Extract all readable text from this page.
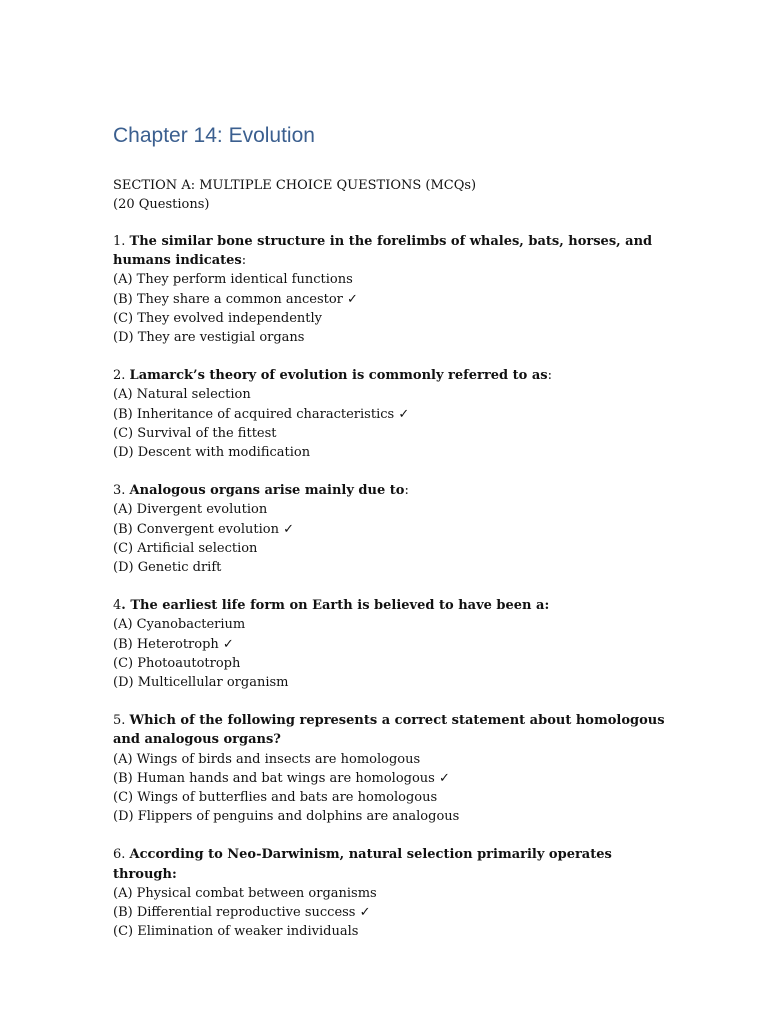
Chapter 14: Evolution
SECTION A: MULTIPLE CHOICE QUESTIONS (MCQs)
(20 Questions)
1. The similar bone structure in the forelimbs of whales, bats, horses, and humans indicates:
(A) They perform identical functions
(B) They share a common ancestor ✓
(C) They evolved independently
(D) They are vestigial organs
2. Lamarck’s theory of evolution is commonly referred to as:
(A) Natural selection
(B) Inheritance of acquired characteristics ✓
(C) Survival of the fittest
(D) Descent with modification
3. Analogous organs arise mainly due to:
(A) Divergent evolution
(B) Convergent evolution ✓
(C) Artificial selection
(D) Genetic drift
4. The earliest life form on Earth is believed to have been a:
(A) Cyanobacterium
(B) Heterotroph ✓
(C) Photoautotroph
(D) Multicellular organism
5. Which of the following represents a correct statement about homologous and analogous organs?
(A) Wings of birds and insects are homologous
(B) Human hands and bat wings are homologous ✓
(C) Wings of butterflies and bats are homologous
(D) Flippers of penguins and dolphins are analogous
6. According to Neo-Darwinism, natural selection primarily operates through:
(A) Physical combat between organisms
(B) Differential reproductive success ✓
(C) Elimination of weaker individuals
